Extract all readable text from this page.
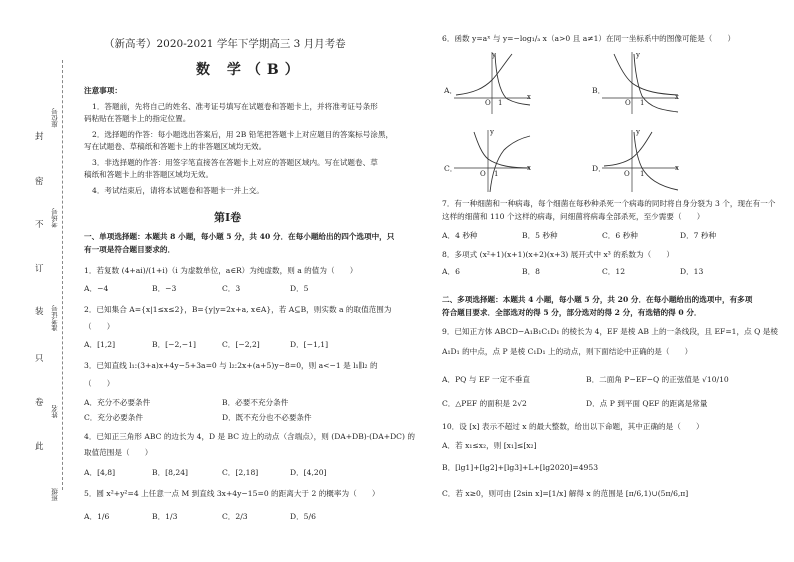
封
密
不
订
装
只
卷
此
座位号
考场号
准考证号
姓名
班级
（新高考）2020-2021 学年下学期高三 3 月月考卷
数 学（B）
注意事项：
1．答题前，先将自己的姓名、准考证号填写在试题卷和答题卡上，并将准考证号条形
码粘贴在答题卡上的指定位置。
2．选择题的作答：每小题选出答案后，用 2B 铅笔把答题卡上对应题目的答案标号涂黑，
写在试题卷、草稿纸和答题卡上的非答题区域均无效。
3．非选择题的作答：用签字笔直接答在答题卡上对应的答题区域内。写在试题卷、草
稿纸和答题卡上的非答题区域均无效。
4．考试结束后，请将本试题卷和答题卡一并上交。
第Ⅰ卷
一、单项选择题：本题共 8 小题，每小题 5 分，共 40 分．在每小题给出的四个选项中，只
有一项是符合题目要求的．
1．若复数 (4+ai)/(1+i)（i 为虚数单位，a∈R）为纯虚数，则 a 的值为（　　）
A．−4	B．−3	C．3	D．5
2．已知集合 A={x|1≤x≤2}，B={y|y=2x+a, x∈A}，若 A⊆B，则实数 a 的取值范围为
（　　）
A．[1,2]	B．[−2,−1]	C．[−2,2]	D．[−1,1]
3．已知直线 l₁:(3+a)x+4y−5+3a=0 与 l₂:2x+(a+5)y−8=0，则 a<−1 是 l₁∥l₂ 的
（　　）
A．充分不必要条件	B．必要不充分条件
C．充分必要条件	D．既不充分也不必要条件
4．已知正三角形 ABC 的边长为 4，D 是 BC 边上的动点（含端点），则 (DA+DB)·(DA+DC) 的
取值范围是（　　）
A．[4,8]	B．[8,24]	C．[2,18]	D．[4,20]
5．圆 x²+y²=4 上任意一点 M 到直线 3x+4y−15=0 的距离大于 2 的概率为（　　）
A．1/6	B．1/3	C．2/3	D．5/6
6．函数 y=aˣ 与 y=−log₁/ₐ x（a>0 且 a≠1）在同一坐标系中的图像可能是（　　）
A．
y
x
O 1
B．
y
x
O 1
C．
y
x
O 1
D．
y
x
O 1
7．有一种细菌和一种病毒，每个细菌在每秒种杀死一个病毒的同时将自身分裂为 3 个，现在有一个
这样的细菌和 110 个这样的病毒，问细菌将病毒全部杀死，至少需要（　　）
A．4 秒种	B．5 秒种	C．6 秒种	D．7 秒种
8．多项式 (x²+1)(x+1)(x+2)(x+3) 展开式中 x³ 的系数为（　　）
A．6	B．8	C．12	D．13
二、多项选择题：本题共 4 小题，每小题 5 分，共 20 分．在每小题给出的选项中，有多项
符合题目要求．全部选对的得 5 分，部分选对的得 2 分，有选错的得 0 分．
9．已知正方体 ABCD−A₁B₁C₁D₁ 的棱长为 4，EF 是棱 AB 上的一条线段，且 EF=1，点 Q 是棱
A₁D₁ 的中点，点 P 是棱 C₁D₁ 上的动点，则下面结论中正确的是（　　）
A．PQ 与 EF 一定不垂直	B．二面角 P−EF−Q 的正弦值是 √10/10
C．△PEF 的面积是 2√2	D．点 P 到平面 QEF 的距离是常量
10．设 [x] 表示不超过 x 的最大整数，给出以下命题，其中正确的是（　　）
A．若 x₁≤x₂，则 [x₁]≤[x₂]
B．[lg1]+[lg2]+[lg3]+L+[lg2020]=4953
C．若 x≥0，则可由 [2sin x]=[1/x] 解得 x 的范围是 [π/6,1)∪(5π/6,π]
